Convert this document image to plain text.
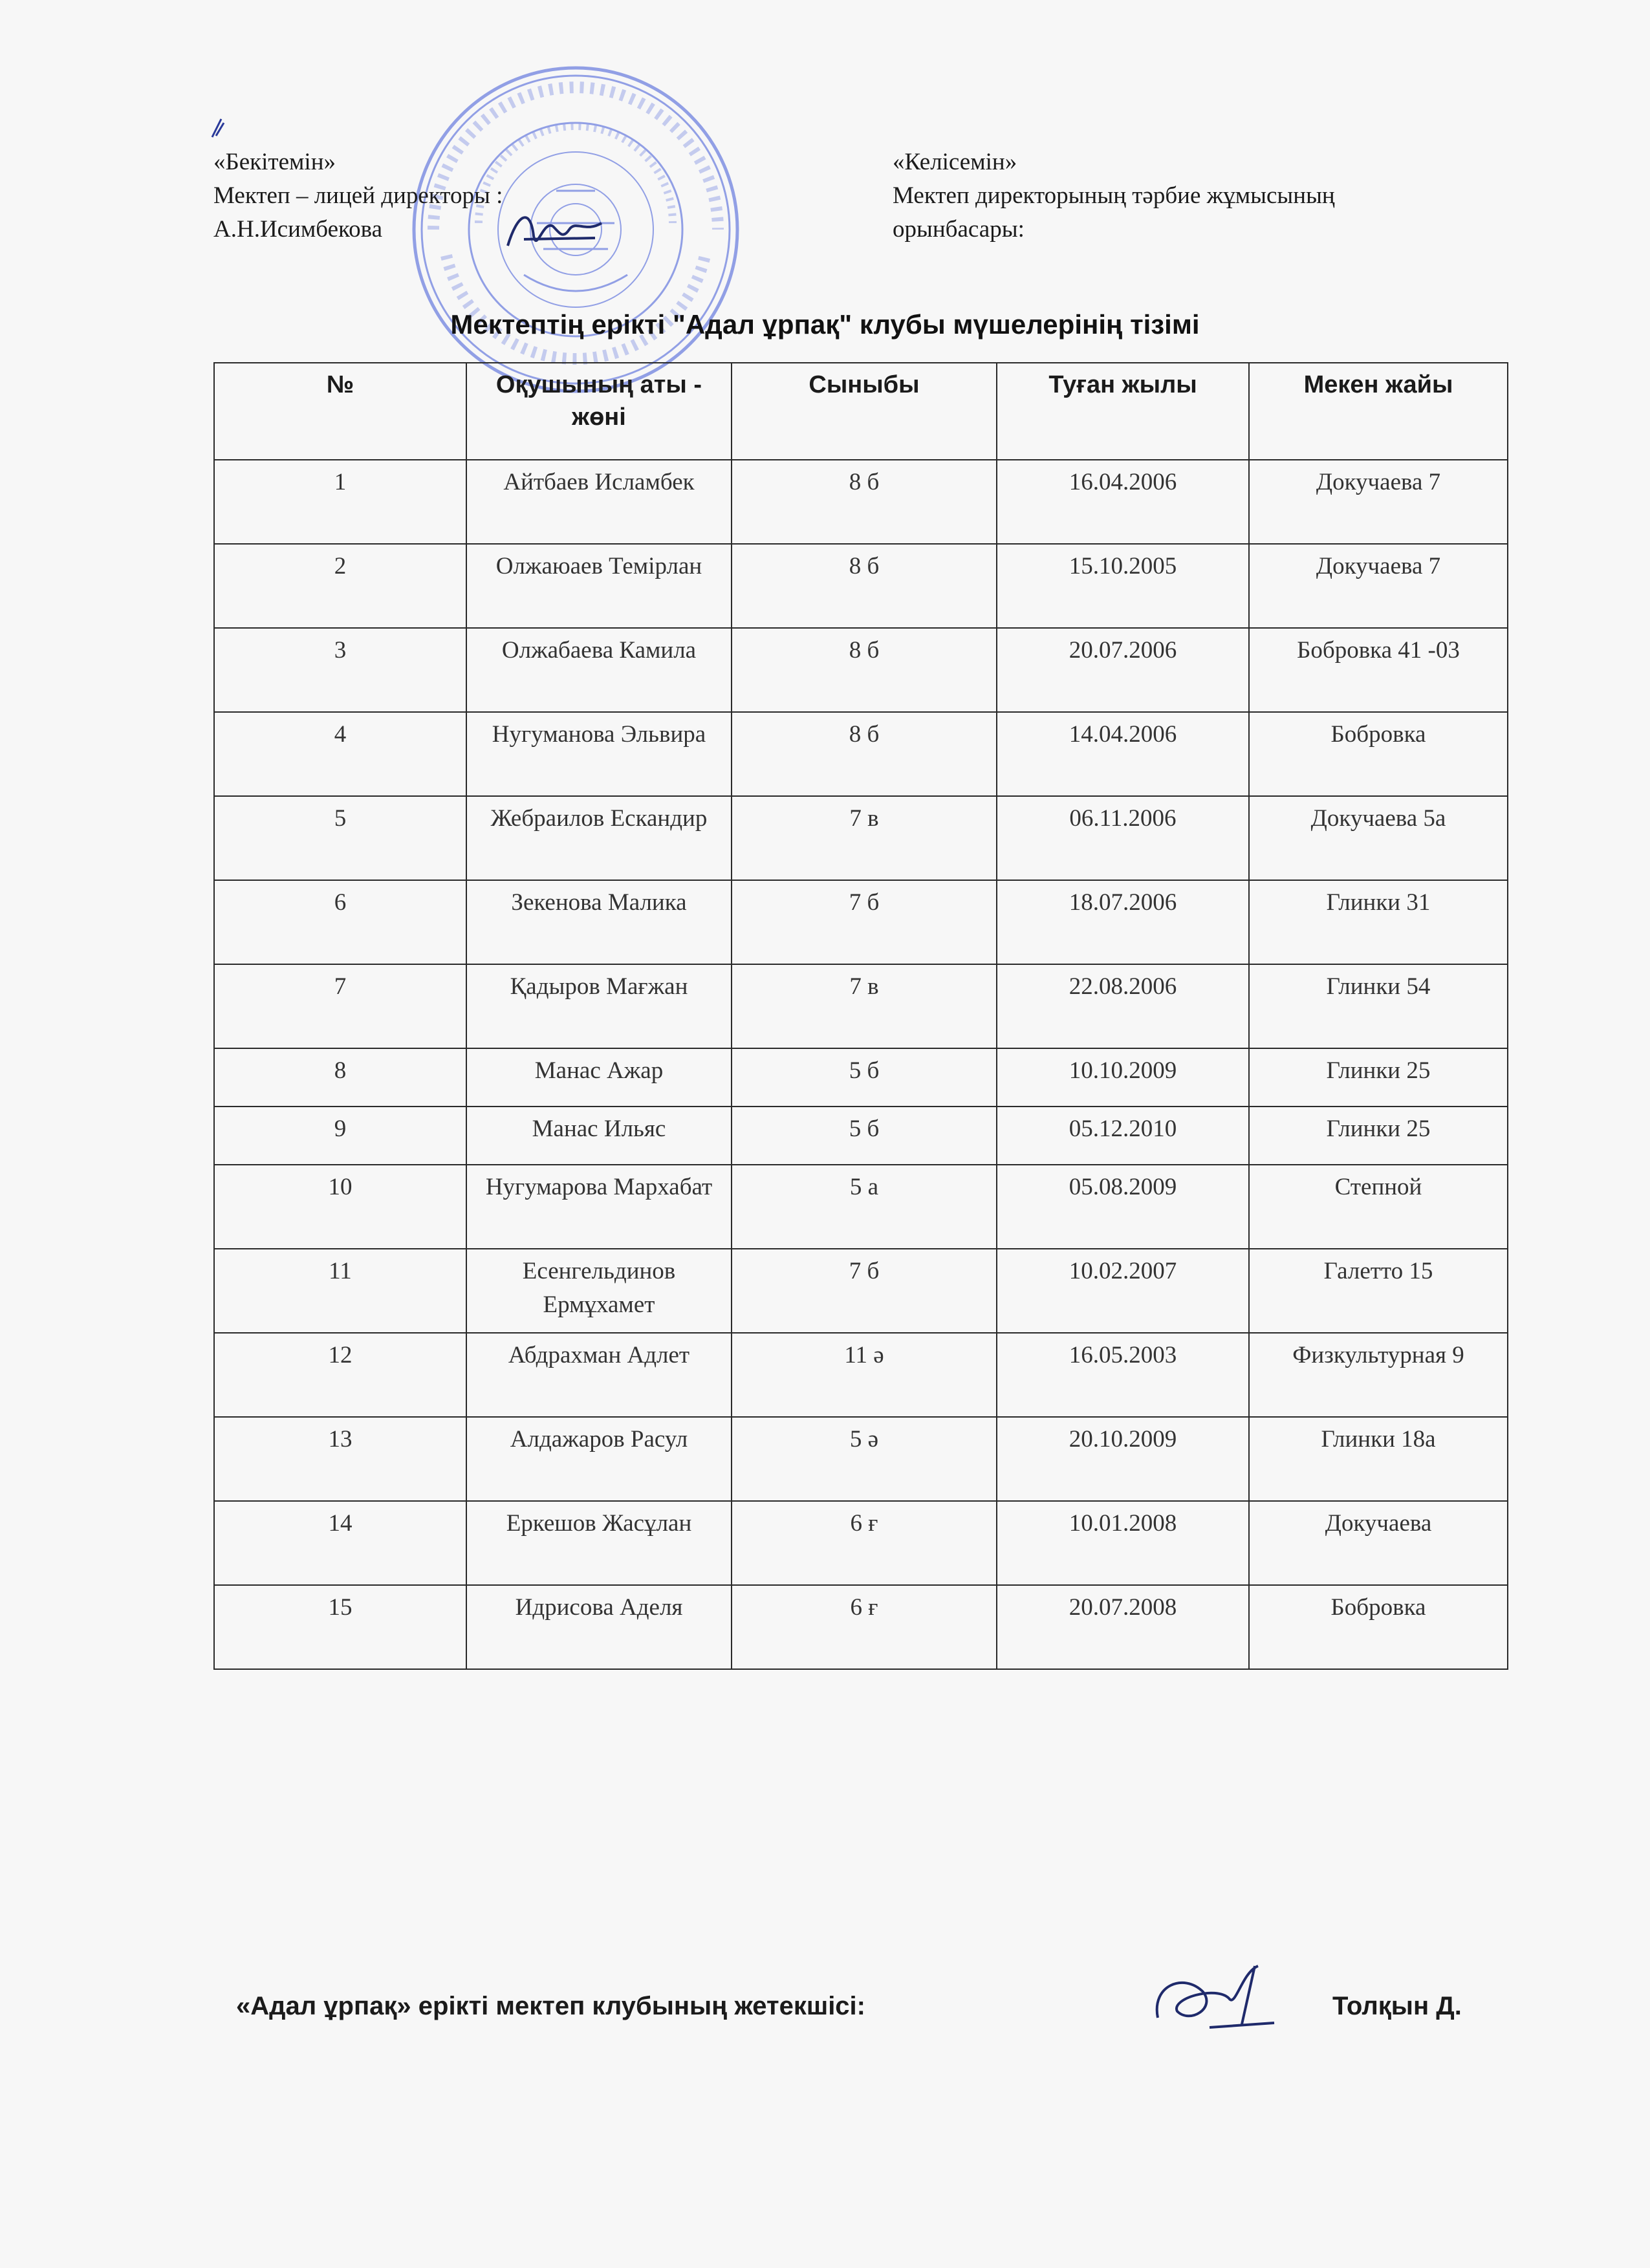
«Бекітемін»
Мектеп – лицей директоры :
А.Н.Исимбекова
«Келісемін»
Мектеп директорының тәрбие жұмысының
орынбасары:
Мектептің ерікті "Адал ұрпақ" клубы мүшелерінің тізімі
№	Оқушының аты - жөні	Сыныбы	Туған жылы	Мекен жайы
1	Айтбаев Исламбек	8 б	16.04.2006	Докучаева 7
2	Олжаюаев Темірлан	8 б	15.10.2005	Докучаева 7
3	Олжабаева Камила	8 б	20.07.2006	Бобровка 41 -03
4	Нугуманова Эльвира	8 б	14.04.2006	Бобровка
5	Жебраилов Ескандир	7 в	06.11.2006	Докучаева 5а
6	Зекенова Малика	7 б	18.07.2006	Глинки 31
7	Қадыров Мағжан	7 в	22.08.2006	Глинки 54
8	Манас Ажар	5 б	10.10.2009	Глинки 25
9	Манас Ильяс	5 б	05.12.2010	Глинки 25
10	Нугумарова Мархабат	5 а	05.08.2009	Степной
11	Есенгельдинов Ермұхамет	7 б	10.02.2007	Галетто 15
12	Абдрахман Адлет	11 ә	16.05.2003	Физкультурная 9
13	Алдажаров Расул	5 ә	20.10.2009	Глинки 18а
14	Еркешов Жасұлан	6 ғ	10.01.2008	Докучаева
15	Идрисова Аделя	6 ғ	20.07.2008	Бобровка
«Адал ұрпақ» ерікті мектеп клубының жетекшісі:	Толқын Д.
